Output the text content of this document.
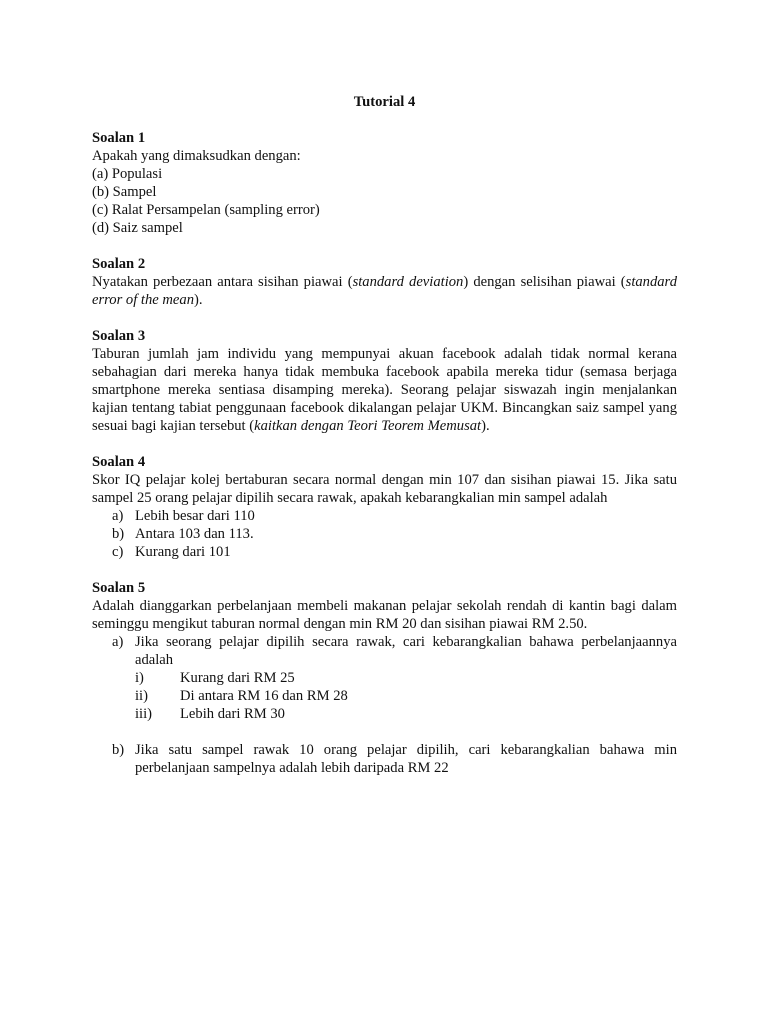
Tutorial 4

Soalan 1

Apakah yang dimaksudkan dengan:

(a) Populasi

(b) Sampel

(c) Ralat Persampelan (sampling error)

(d) Saiz sampel

Soalan 2

Nyatakan perbezaan antara sisihan piawai (standard deviation) dengan selisihan piawai (standard error of the mean).

Soalan 3

Taburan jumlah jam individu yang mempunyai akuan facebook adalah tidak normal kerana sebahagian dari mereka hanya tidak membuka facebook apabila mereka tidur (semasa berjaga smartphone mereka sentiasa disamping mereka). Seorang pelajar siswazah ingin menjalankan kajian tentang tabiat penggunaan facebook dikalangan pelajar UKM. Bincangkan saiz sampel yang sesuai bagi kajian tersebut (kaitkan dengan Teori Teorem Memusat).

Soalan 4

Skor IQ pelajar kolej bertaburan secara normal dengan min 107 dan sisihan piawai 15. Jika satu sampel 25 orang pelajar dipilih secara rawak, apakah kebarangkalian min sampel adalah

a) Lebih besar dari 110
b) Antara 103 dan 113.
c) Kurang dari 101

Soalan 5

Adalah dianggarkan perbelanjaan membeli makanan pelajar sekolah rendah di kantin bagi dalam seminggu mengikut taburan normal dengan min RM 20 dan sisihan piawai RM 2.50.

a) Jika seorang pelajar dipilih secara rawak, cari kebarangkalian bahawa perbelanjaannya adalah
i) Kurang dari RM 25
ii) Di antara RM 16 dan RM 28
iii) Lebih dari RM 30
b) Jika satu sampel rawak 10 orang pelajar dipilih, cari kebarangkalian bahawa min perbelanjaan sampelnya adalah lebih daripada RM 22
